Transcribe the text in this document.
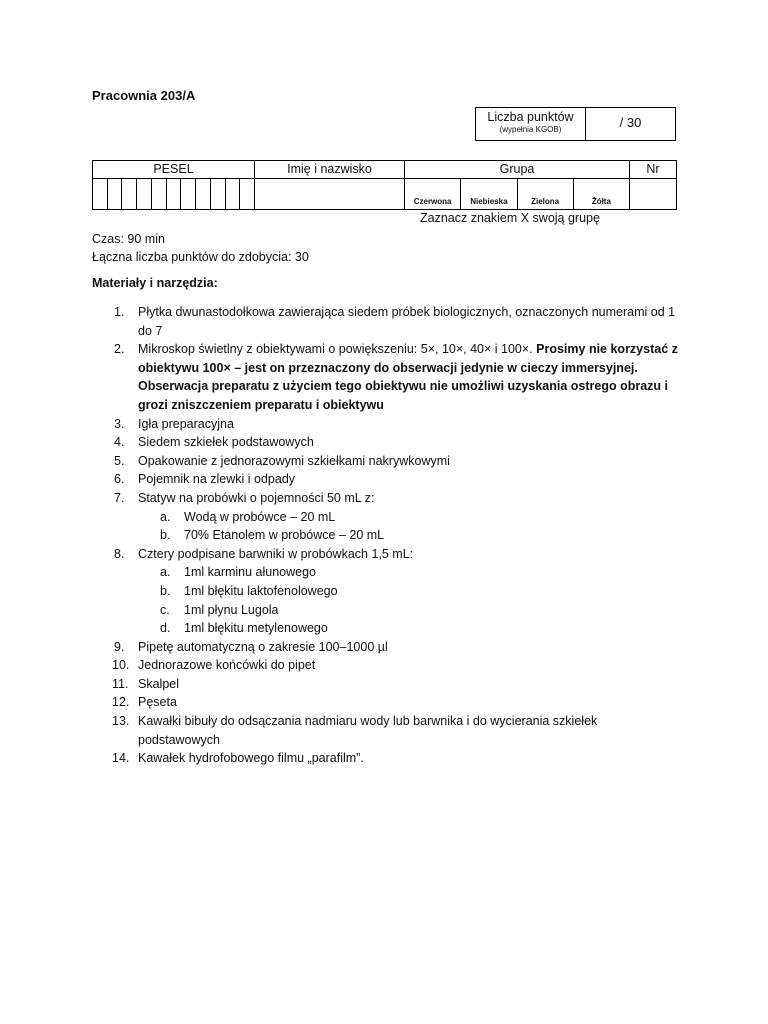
Pracownia 203/A
Liczba punktów
(wypełnia KGOB)	/ 30
PESEL	Imię i nazwisko	Grupa	Nr

Czerwona Niebieska Zielona Żółta	

Zaznacz znakiem X swoją grupę
Czas: 90 min
Łączna liczba punktów do zdobycia: 30
Materiały i narzędzia:
1. Płytka dwunastodołkowa zawierająca siedem próbek biologicznych, oznaczonych numerami od 1 do 7
2. Mikroskop świetlny z obiektywami o powiększeniu: 5×, 10×, 40× i 100×. Prosimy nie korzystać z obiektywu 100× – jest on przeznaczony do obserwacji jedynie w cieczy immersyjnej. Obserwacja preparatu z użyciem tego obiektywu nie umożliwi uzyskania ostrego obrazu i grozi zniszczeniem preparatu i obiektywu
3. Igła preparacyjna
4. Siedem szkiełek podstawowych
5. Opakowanie z jednorazowymi szkiełkami nakrywkowymi
6. Pojemnik na zlewki i odpady
7. Statyw na probówki o pojemności 50 mL z:
a. Wodą w probówce – 20 mL
b. 70% Etanolem w probówce – 20 mL
8. Cztery podpisane barwniki w probówkach 1,5 mL:
a. 1ml karminu ałunowego
b. 1ml błękitu laktofenolowego
c. 1ml płynu Lugola
d. 1ml błękitu metylenowego
9. Pipetę automatyczną o zakresie 100–1000 µl
10. Jednorazowe końcówki do pipet
11. Skalpel
12. Pęseta
13. Kawałki bibuły do odsączania nadmiaru wody lub barwnika i do wycierania szkiełek podstawowych
14. Kawałek hydrofobowego filmu „parafilm”.
